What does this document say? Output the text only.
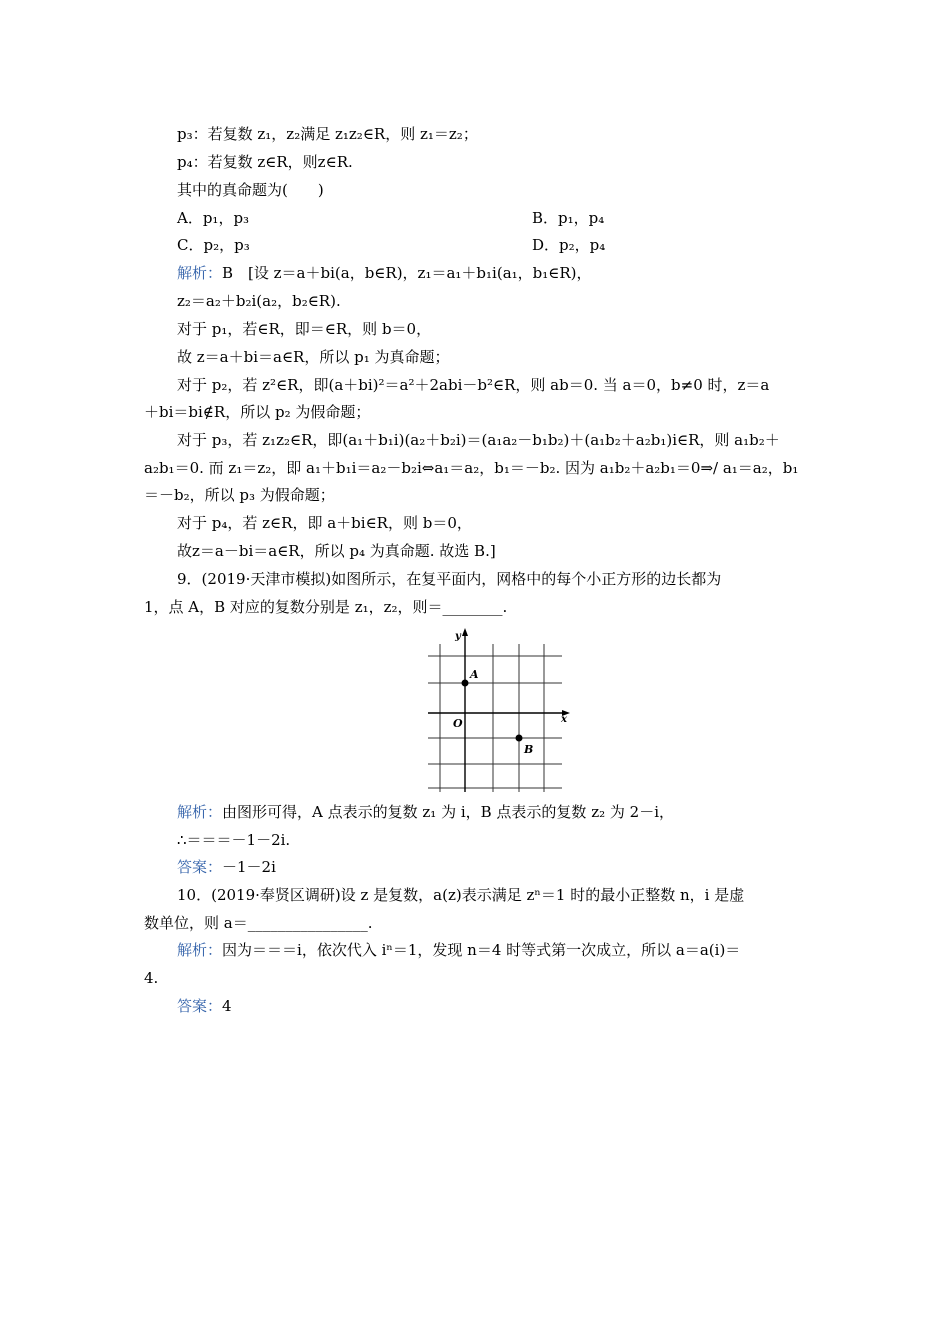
p₃：若复数 z₁，z₂满足 z₁z₂∈R，则 z₁＝z₂；
p₄：若复数 z∈R，则z∈R.
其中的真命题为(　　)
A．p₁，p₃	B．p₁，p₄
C．p₂，p₃	D．p₂，p₄
解析：B　[设 z＝a＋bi(a，b∈R)，z₁＝a₁＋b₁i(a₁，b₁∈R)，
z₂＝a₂＋b₂i(a₂，b₂∈R).
对于 p₁，若∈R，即＝∈R，则 b＝0，
故 z＝a＋bi＝a∈R，所以 p₁ 为真命题；
对于 p₂，若 z²∈R，即(a＋bi)²＝a²＋2abi－b²∈R，则 ab＝0. 当 a＝0，b≠0 时，z＝a
＋bi＝bi∉R，所以 p₂ 为假命题；
对于 p₃，若 z₁z₂∈R，即(a₁＋b₁i)(a₂＋b₂i)＝(a₁a₂－b₁b₂)＋(a₁b₂＋a₂b₁)i∈R，则 a₁b₂＋
a₂b₁＝0. 而 z₁＝z₂，即 a₁＋b₁i＝a₂－b₂i⇔a₁＝a₂，b₁＝－b₂. 因为 a₁b₂＋a₂b₁＝0⇒/ a₁＝a₂，b₁
＝－b₂，所以 p₃ 为假命题；
对于 p₄，若 z∈R，即 a＋bi∈R，则 b＝0，
故z＝a－bi＝a∈R，所以 p₄ 为真命题. 故选 B.]
9．(2019·天津市模拟)如图所示，在复平面内，网格中的每个小正方形的边长都为
1，点 A，B 对应的复数分别是 z₁，z₂，则＝________.
y
x
O
A
B
解析：由图形可得，A 点表示的复数 z₁ 为 i，B 点表示的复数 z₂ 为 2－i，
∴＝＝＝－1－2i.
答案：－1－2i
10．(2019·奉贤区调研)设 z 是复数，a(z)表示满足 zⁿ＝1 时的最小正整数 n，i 是虚
数单位，则 a＝________________.
解析：因为＝＝＝i，依次代入 iⁿ＝1，发现 n＝4 时等式第一次成立，所以 a＝a(i)＝
4.
答案：4
